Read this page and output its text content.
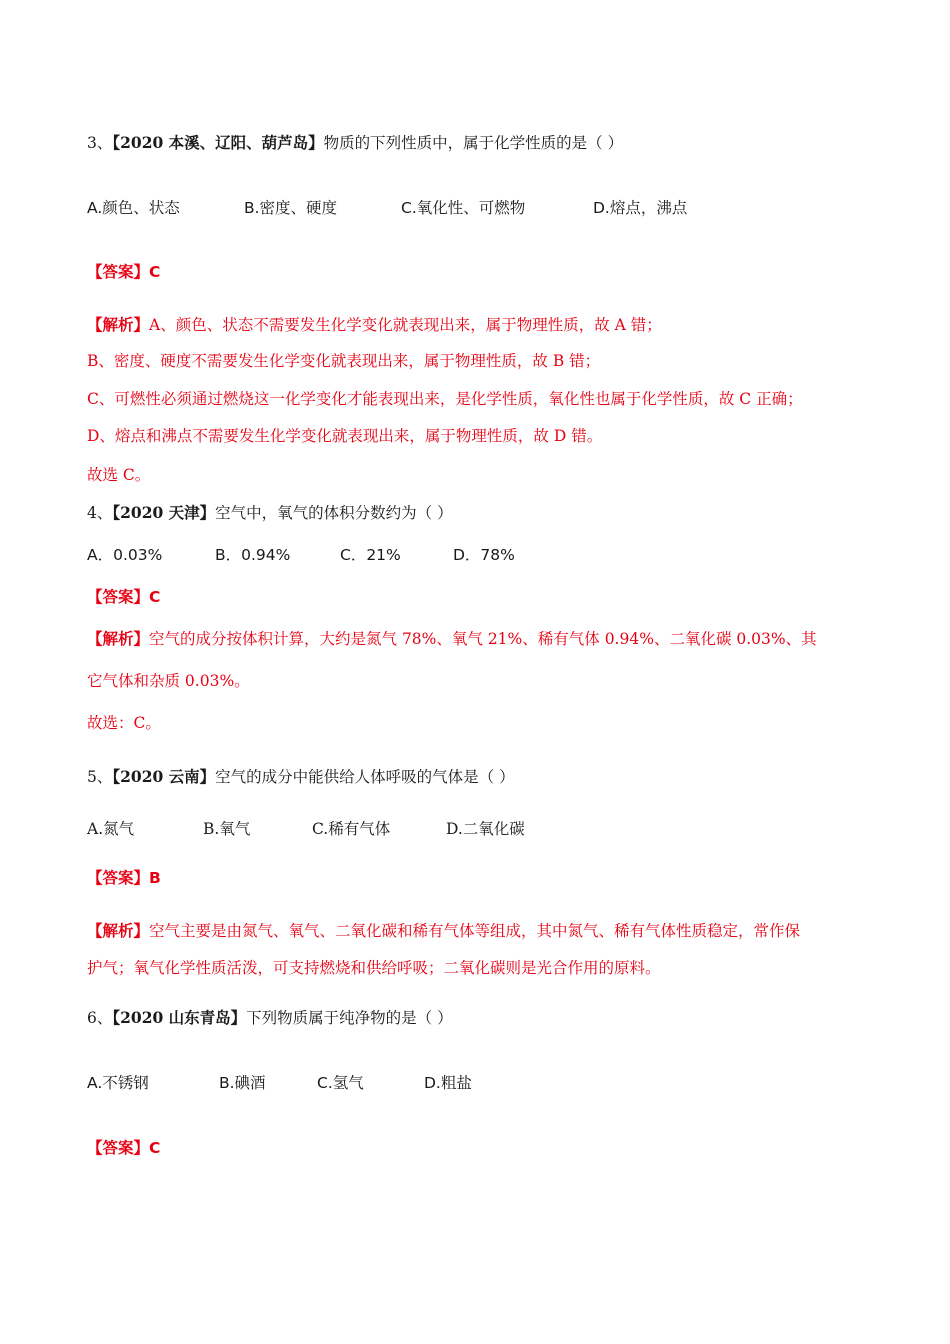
3、【2020 本溪、辽阳、葫芦岛】物质的下列性质中，属于化学性质的是（ ）
A.颜色、状态	B.密度、硬度	C.氧化性、可燃物	D.熔点，沸点
【答案】C
【解析】A、颜色、状态不需要发生化学变化就表现出来，属于物理性质，故 A 错；
B、密度、硬度不需要发生化学变化就表现出来，属于物理性质，故 B 错；
C、可燃性必须通过燃烧这一化学变化才能表现出来，是化学性质，氧化性也属于化学性质，故 C 正确；
D、熔点和沸点不需要发生化学变化就表现出来，属于物理性质，故 D 错。
故选 C。
4、【2020 天津】空气中，氧气的体积分数约为（ ）
A．0.03%	B．0.94%	C．21%	D．78%
【答案】C
【解析】空气的成分按体积计算，大约是氮气 78%、氧气 21%、稀有气体 0.94%、二氧化碳 0.03%、其
它气体和杂质 0.03%。
故选：C。
5、【2020 云南】空气的成分中能供给人体呼吸的气体是（ ）
A.氮气	B.氧气	C.稀有气体	D.二氧化碳
【答案】B
【解析】空气主要是由氮气、氧气、二氧化碳和稀有气体等组成，其中氮气、稀有气体性质稳定，常作保
护气；氧气化学性质活泼，可支持燃烧和供给呼吸；二氧化碳则是光合作用的原料。
6、【2020 山东青岛】下列物质属于纯净物的是（ ）
A.不锈钢	B.碘酒	C.氢气	D.粗盐
【答案】C
